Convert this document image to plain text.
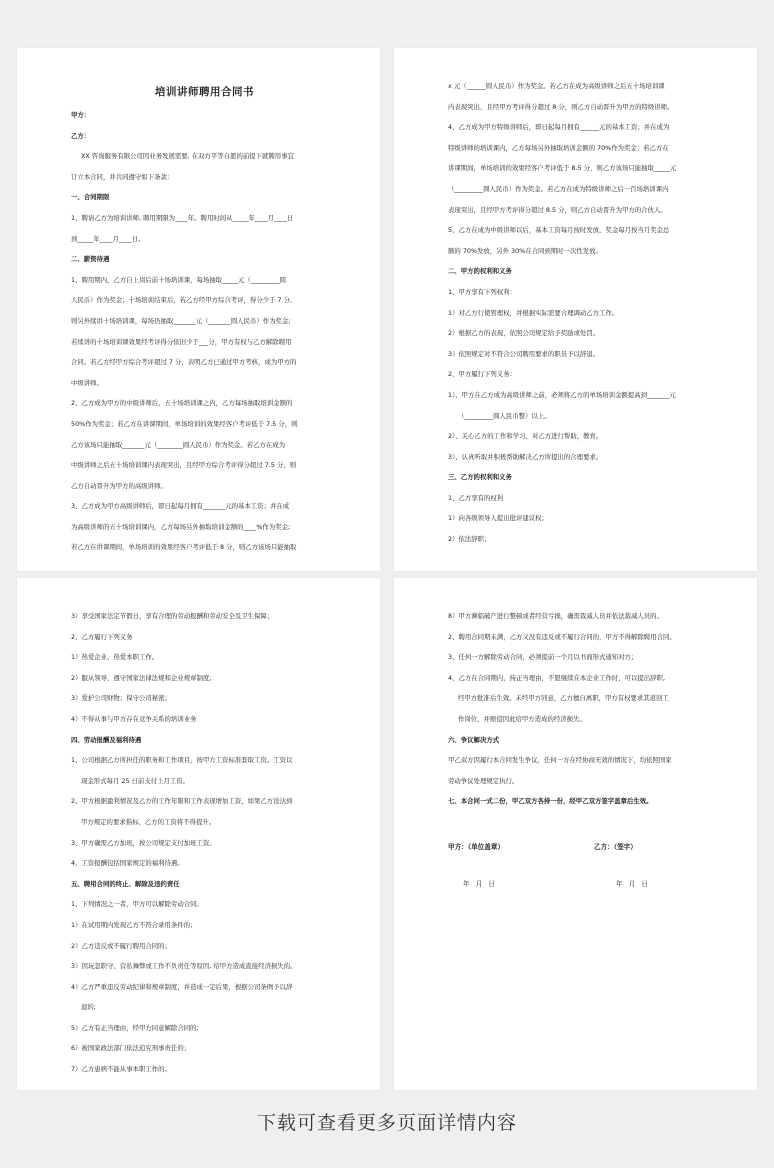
培训讲师聘用合同书
甲方：
乙方：
XX 咨询服务有限公司因业务发展需要, 在双方平等自愿的前提下就聘用事宜
订立本合同，并共同遵守如下条款：
一、合同期限
1、聘请乙方为培训讲师, 聘用期限为____年。聘用时间从_____年____月____日
到_____年____月____日。
二、薪资待遇
1、聘用期内，乙方自上岗后前十场培训课，每场抽取_____元（_________圆
人民币）作为奖金；十场培训结束后，若乙方经甲方综合考评，得分少于 7 分,
则另外续讲十场培训课，每场仍抽取_______元（_______圆人民币）作为奖金;
若续讲的十场培训课效果经考评得分依旧少于___分，甲方有权与乙方解除聘用
合同。若乙方经甲方综合考评超过 7 分，表明乙方已通过甲方考核，成为甲方的
中级讲师。
2、乙方成为甲方的中级讲师后，五十场培训课之内，乙方每场抽取培训金额的
50%作为奖金；若乙方在讲课期间，单场培训的效果经客户考评低于 7.5 分，则
乙方该场只能抽取_______元（________圆人民币）作为奖金。若乙方在成为
中级讲师之后五十场培训课内表现突出，且经甲方综合考评得分超过 7.5 分，则
乙方自动晋升为甲方的高级讲师。
3、乙方成为甲方高级讲师后，即日起每月拥有_______元的基本工资；并在成
为高级讲师的五十场培训课内，乙方每场另外抽取培训金额的____%作为奖金;
若乙方在讲课期间，单场培训的效果经客户考评低于 8 分，则乙方该场只能抽取
x 元（______圆人民币）作为奖金。若乙方在成为高级讲师之后五十场培训课
内表现突出，且经甲方考评得分超过 8 分，则乙方自动晋升为甲方的特级讲师。
4、乙方成为甲方特级讲师后，即日起每月拥有______元的基本工资；并在成为
特级讲师的培训课内，乙方每场另外抽取培训金额的 70%作为奖金；若乙方在
讲课期间，单场培训的效果经客户考评低于 8.5 分，则乙方该场只能抽取_____元
（_________圆人民币）作为奖金。若乙方在成为特级讲师之后一百场培训课内
表现突出，且经甲方考评得分超过 8.5 分，则乙方自动晋升为甲方的合伙人。
5、乙方在成为中级讲师以后，基本工资每月按时发放，奖金每月按当月奖金总
额的 70%发放，另外 30%在合同到期时一次性发放。
二、甲方的权利和义务
1、甲方享有下列权利：
1）对乙方行使管理权，并根据实际需要合理调动乙方工作。
2）根据乙方的表现，依照公司规定给予奖励或处罚。
3）依照规定对不符合公司聘用要求的职员予以辞退。
2、甲方履行下列义务：
1）、甲方在乙方成为高级讲师之前，必须将乙方的单场培训金额提高到_______元
（_________圆人民币整）以上。
2）、关心乙方的工作和学习，对乙方进行帮助、教育。
3）、认真听取并积极帮助解决乙方所提出的合理要求。
三、乙方的权利和义务
1、乙方享有的权利
1）向各级领导人提出批评建议权；
2）依法辞职；
3）享受国家法定节假日、享有合理的劳动报酬和劳动安全及卫生保障；
2、乙方履行下列义务
1）热爱企业、热爱本职工作。
2）服从领导，遵守国家法律法规和企业规章制度；
3）爱护公司财物；保守公司秘密；
4）不得从事与甲方存在竞争关系的培训业务
四、劳动报酬及福利待遇
1、公司根据乙方所担任的职务和工作项目，按甲方工资标准套取工资。工资以
现金形式每月 25 日前支付上月工资。
2、甲方根据盈利情况及乙方的工作年限和工作表现增加工资，如果乙方没达到
甲方规定的要求指标、乙方的工资将不得提升。
3、甲方确需乙方加班，按公司规定支付加班工资。
4、工资报酬包括国家规定的福利待遇。
五、聘用合同的终止、解除及违约责任
1、下列情况之一者，甲方可以解除劳动合同。
1）在试用期内发现乙方不符合录用条件的；
2）乙方违反或不履行聘用合同的；
3）因玩忽职守、营私舞弊或工作不负责任等原因, 给甲方造成直接经济损失的。
4）乙方严重违反劳动纪律和规章制度，并造成一定后果，根据公司条例予以辞
退的;
5）乙方有正当理由，经甲方同意解除合同的;
6）被国家政法部门依法追究刑事责任的；
7）乙方患病不能从事本职工作的；
8）甲方濒临破产进行整顿或者经营亏损，确需裁减人员并依法裁减人员的。
2、聘用合同期未满，乙方又没有违反或不履行合同的，甲方不得解除聘用合同。
3、任何一方解除劳动合同，必须提前一个月以书面形式通知对方；
4、乙方在合同期内，持正当理由，不愿继续在本企业工作时，可以提出辞职,
经甲方批准后生效。未经甲方同意，乙方擅自离职，甲方有权要求其返回工
作岗位，并赔偿因此给甲方造成的经济损失。
六、争议解决方式
甲乙双方因履行本合同发生争议，任何一方在经协商无效的情况下，均依照国家
劳动争议处理规定执行。
七、本合同一式二份，甲乙双方各持一份，经甲乙双方签字盖章后生效。
甲方：（单位盖章）	乙方：（签字）
年 月 日	年 月 日
下载可查看更多页面详情内容
